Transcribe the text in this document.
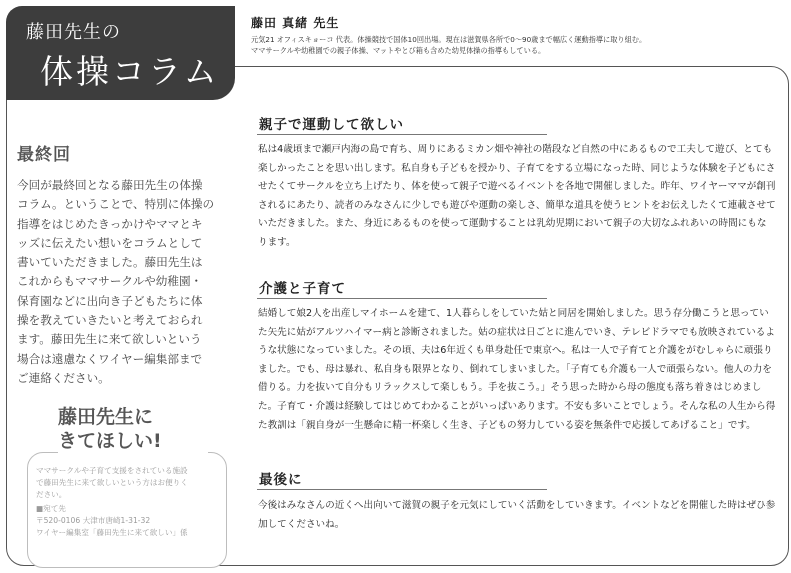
藤田先生の
体操コラム
藤田 真緒 先生
元気21 オフィスキョーコ 代表。体操競技で国体10回出場。現在は滋賀県各所で0〜90歳まで幅広く運動指導に取り組む。
ママサークルや幼稚園での親子体操、マットやとび箱も含めた幼児体操の指導もしている。
最終回
今回が最終回となる藤田先生の体操
コラム。ということで、特別に体操の
指導をはじめたきっかけやママとキ
ッズに伝えたい想いをコラムとして
書いていただきました。藤田先生は
これからもママサークルや幼稚園・
保育園などに出向き子どもたちに体
操を教えていきたいと考えておられ
ます。藤田先生に来て欲しいという
場合は遠慮なくワイヤー編集部まで
ご連絡ください。
ママサークルや子育て支援をされている施設
で藤田先生に来て欲しいという方はお便りく
ださい。
■宛て先
〒520-0106 大津市唐崎1-31-32
ワイヤー編集室「藤田先生に来て欲しい」係
藤田先生に
きてほしい!
親子で運動して欲しい
私は4歳頃まで瀬戸内海の島で育ち、周りにあるミカン畑や神社の階段など自然の中にあるもので工夫して遊び、とても楽しかったことを思い出します。私自身も子どもを授かり、子育てをする立場になった時、同じような体験を子どもにさせたくてサークルを立ち上げたり、体を使って親子で遊べるイベントを各地で開催しました。昨年、ワイヤーママが創刊されるにあたり、読者のみなさんに少しでも遊びや運動の楽しさ、簡単な道具を使うヒントをお伝えしたくて連載させていただきました。また、身近にあるものを使って運動することは乳幼児期において親子の大切なふれあいの時間にもなります。
介護と子育て
結婚して娘2人を出産しマイホームを建て、1人暮らしをしていた姑と同居を開始しました。思う存分働こうと思っていた矢先に姑がアルツハイマー病と診断されました。姑の症状は日ごとに進んでいき、テレビドラマでも放映されているような状態になっていました。その頃、夫は6年近くも単身赴任で東京へ。私は一人で子育てと介護をがむしゃらに頑張りました。でも、母は暴れ、私自身も限界となり、倒れてしまいました。「子育ても介護も一人で頑張らない。他人の力を借りる。力を抜いて自分もリラックスして楽しもう。手を抜こう。」そう思った時から母の態度も落ち着きはじめました。子育て・介護は経験してはじめてわかることがいっぱいあります。不安も多いことでしょう。そんな私の人生から得た教訓は「親自身が一生懸命に精一杯楽しく生き、子どもの努力している姿を無条件で応援してあげること」です。
最後に
今後はみなさんの近くへ出向いて滋賀の親子を元気にしていく活動をしていきます。イベントなどを開催した時はぜひ参加してくださいね。
